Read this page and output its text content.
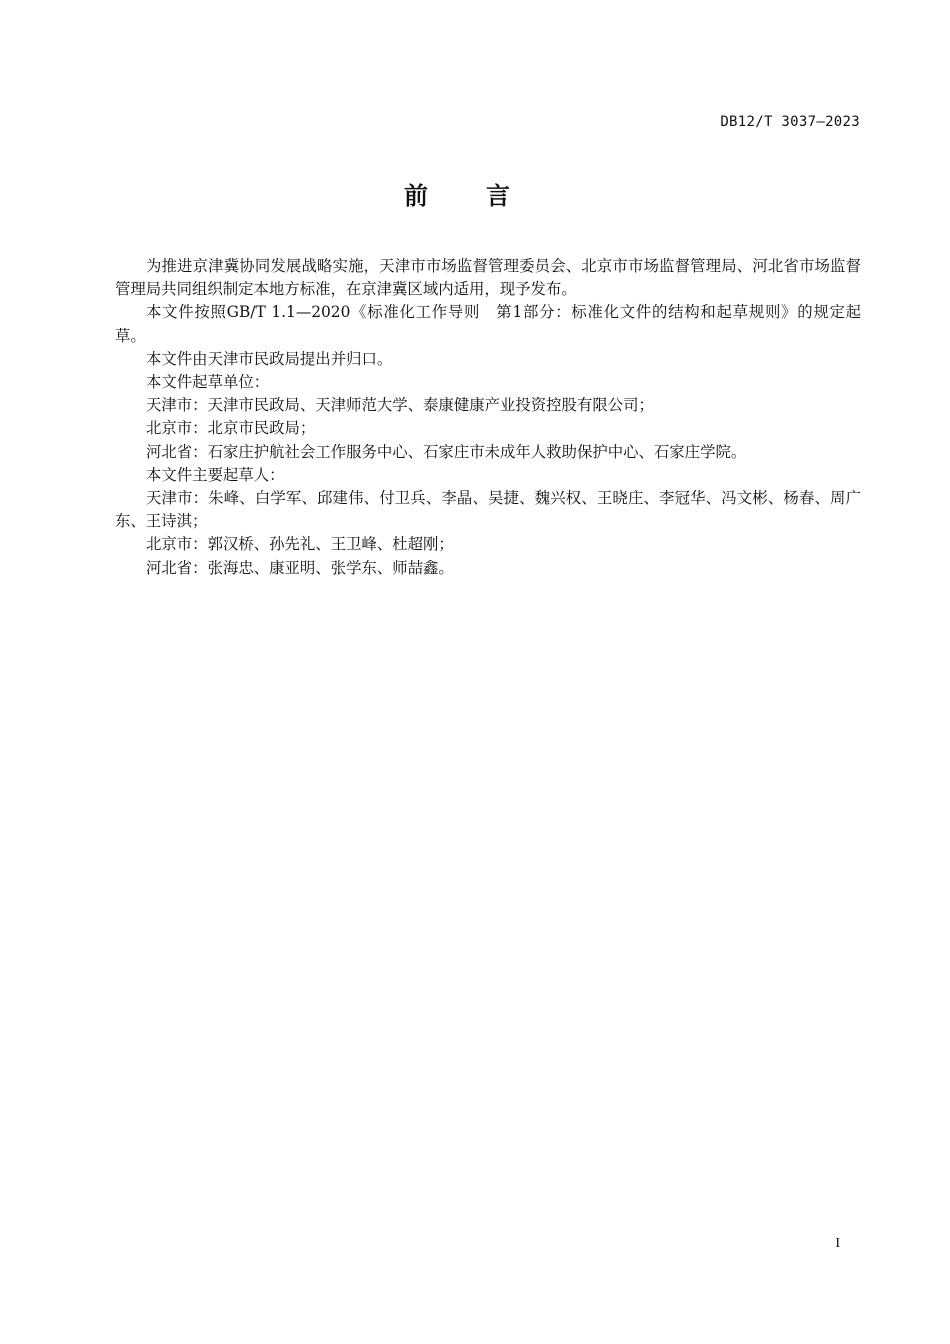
DB12/T 3037—2023
前言

为推进京津冀协同发展战略实施，天津市市场监督管理委员会、北京市市场监督管理局、河北省市场监督管理局共同组织制定本地方标准，在京津冀区域内适用，现予发布。

本文件按照GB/T 1.1—2020《标准化工作导则　第1部分：标准化文件的结构和起草规则》的规定起草。

本文件由天津市民政局提出并归口。

本文件起草单位：

天津市：天津市民政局、天津师范大学、泰康健康产业投资控股有限公司；

北京市：北京市民政局；

河北省：石家庄护航社会工作服务中心、石家庄市未成年人救助保护中心、石家庄学院。

本文件主要起草人：

天津市：朱峰、白学军、邱建伟、付卫兵、李晶、吴捷、魏兴权、王晓庄、李冠华、冯文彬、杨春、周广东、王诗淇；

北京市：郭汉桥、孙先礼、王卫峰、杜超刚；

河北省：张海忠、康亚明、张学东、师喆鑫。

I
